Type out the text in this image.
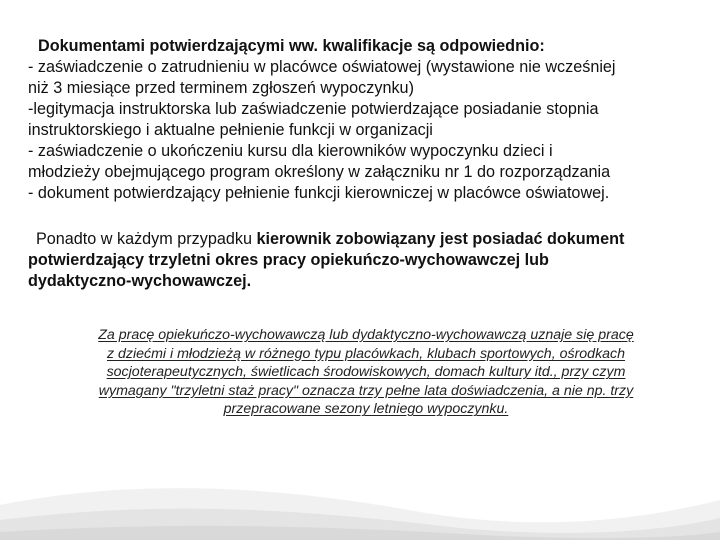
Dokumentami potwierdzającymi ww. kwalifikacje są odpowiednio:
- zaświadczenie o zatrudnieniu w placówce oświatowej (wystawione nie wcześniej
niż 3 miesiące przed terminem zgłoszeń wypoczynku)
-legitymacja instruktorska lub zaświadczenie potwierdzające posiadanie stopnia
instruktorskiego i aktualne pełnienie funkcji w organizacji
- zaświadczenie o ukończeniu kursu dla kierowników wypoczynku dzieci i
młodzieży obejmującego program określony w załączniku nr 1 do rozporządzania
- dokument potwierdzający pełnienie funkcji kierowniczej w placówce oświatowej.
Ponadto w każdym przypadku kierownik zobowiązany jest posiadać dokument
potwierdzający trzyletni okres pracy opiekuńczo-wychowawczej lub
dydaktyczno-wychowawczej.
Za pracę opiekuńczo-wychowawczą lub dydaktyczno-wychowawczą uznaje się pracę
z dziećmi i młodzieżą w różnego typu placówkach, klubach sportowych, ośrodkach
socjoterapeutycznych, świetlicach środowiskowych, domach kultury itd., przy czym
wymagany "trzyletni staż pracy" oznacza trzy pełne lata doświadczenia, a nie np. trzy
przepracowane sezony letniego wypoczynku.
